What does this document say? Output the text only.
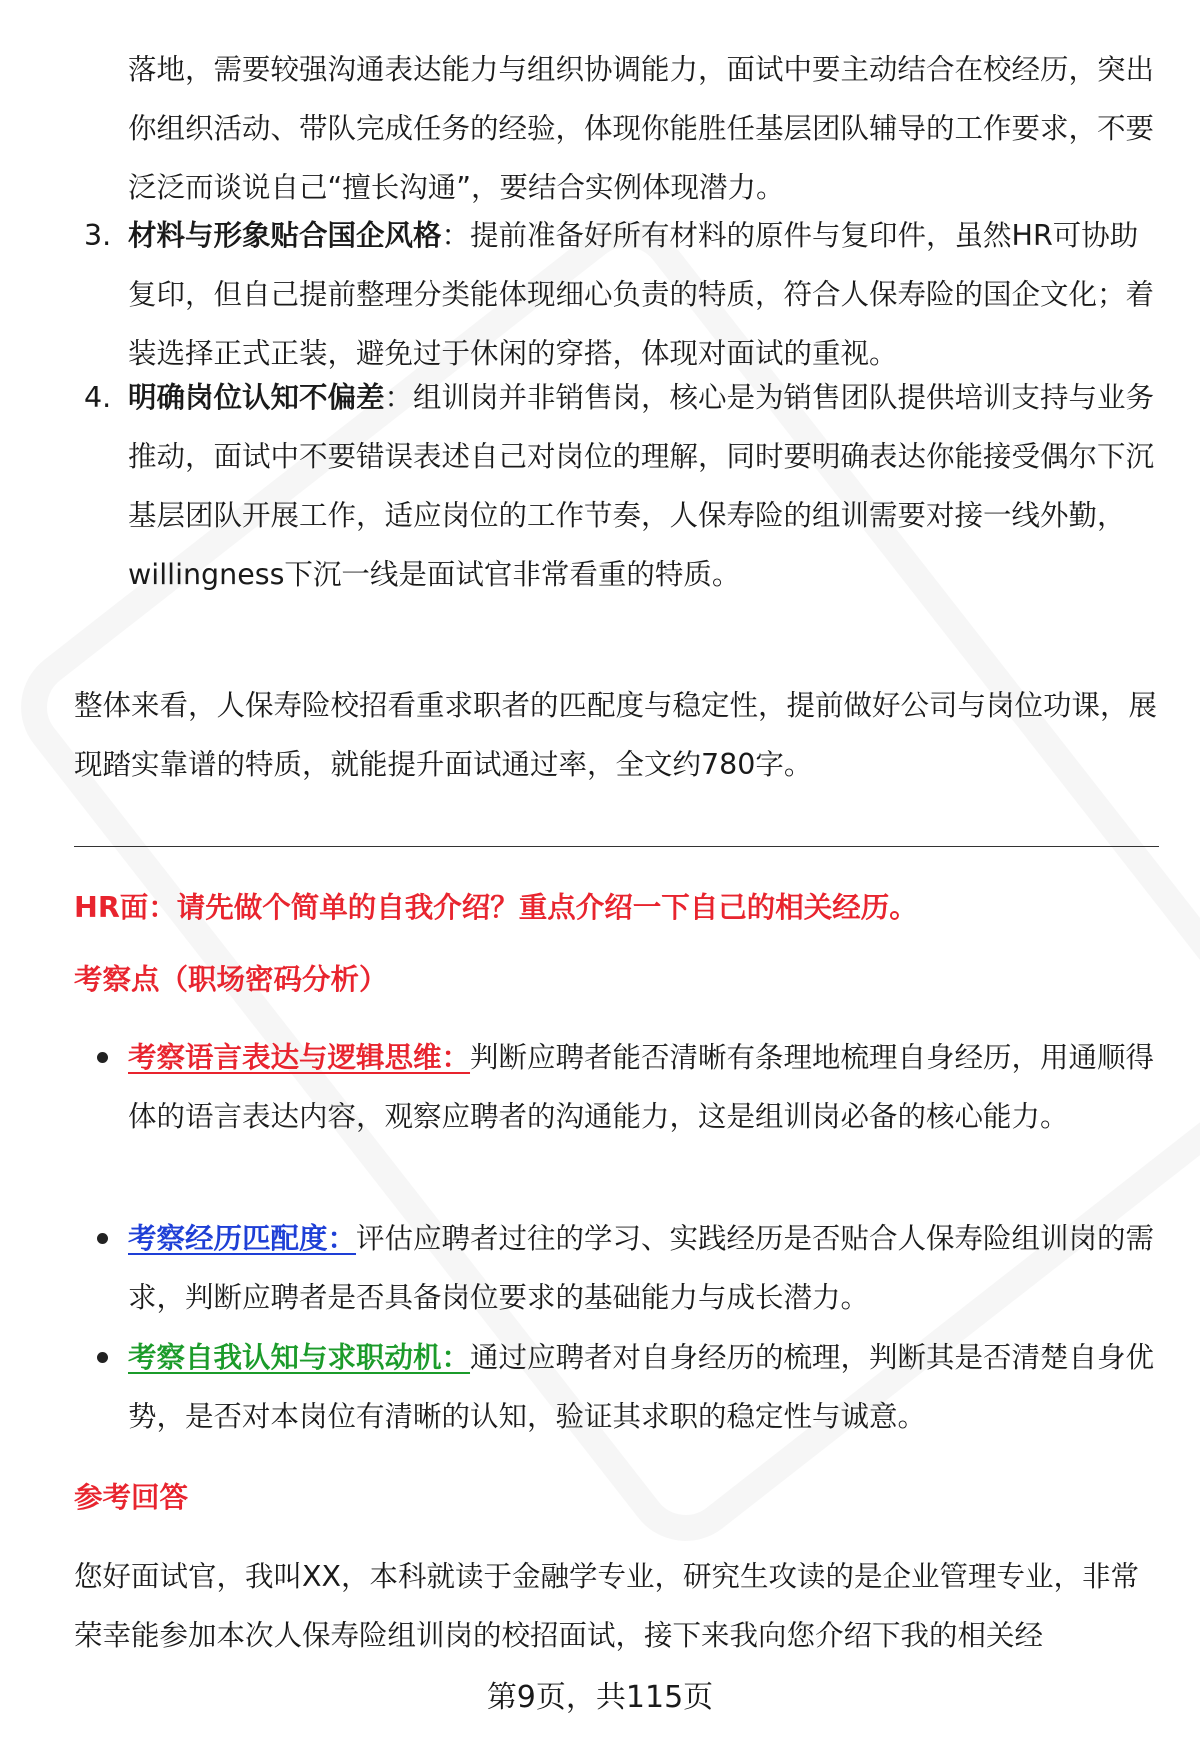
落地，需要较强沟通表达能力与组织协调能力，面试中要主动结合在校经历，突出你组织活动、带队完成任务的经验，体现你能胜任基层团队辅导的工作要求，不要泛泛而谈说自己“擅长沟通”，要结合实例体现潜力。

3. 材料与形象贴合国企风格：提前准备好所有材料的原件与复印件，虽然HR可协助复印，但自己提前整理分类能体现细心负责的特质，符合人保寿险的国企文化；着装选择正式正装，避免过于休闲的穿搭，体现对面试的重视。

4. 明确岗位认知不偏差：组训岗并非销售岗，核心是为销售团队提供培训支持与业务推动，面试中不要错误表述自己对岗位的理解，同时要明确表达你能接受偶尔下沉基层团队开展工作，适应岗位的工作节奏，人保寿险的组训需要对接一线外勤， willingness下沉一线是面试官非常看重的特质。

整体来看，人保寿险校招看重求职者的匹配度与稳定性，提前做好公司与岗位功课，展现踏实靠谱的特质，就能提升面试通过率，全文约780字。

HR面：请先做个简单的自我介绍？重点介绍一下自己的相关经历。

考察点（职场密码分析）

考察语言表达与逻辑思维：判断应聘者能否清晰有条理地梳理自身经历，用通顺得体的语言表达内容，观察应聘者的沟通能力，这是组训岗必备的核心能力。

考察经历匹配度：评估应聘者过往的学习、实践经历是否贴合人保寿险组训岗的需求，判断应聘者是否具备岗位要求的基础能力与成长潜力。

考察自我认知与求职动机：通过应聘者对自身经历的梳理，判断其是否清楚自身优势，是否对本岗位有清晰的认知，验证其求职的稳定性与诚意。

参考回答

您好面试官，我叫XX，本科就读于金融学专业，研究生攻读的是企业管理专业，非常荣幸能参加本次人保寿险组训岗的校招面试，接下来我向您介绍下我的相关经

第9页，共115页
